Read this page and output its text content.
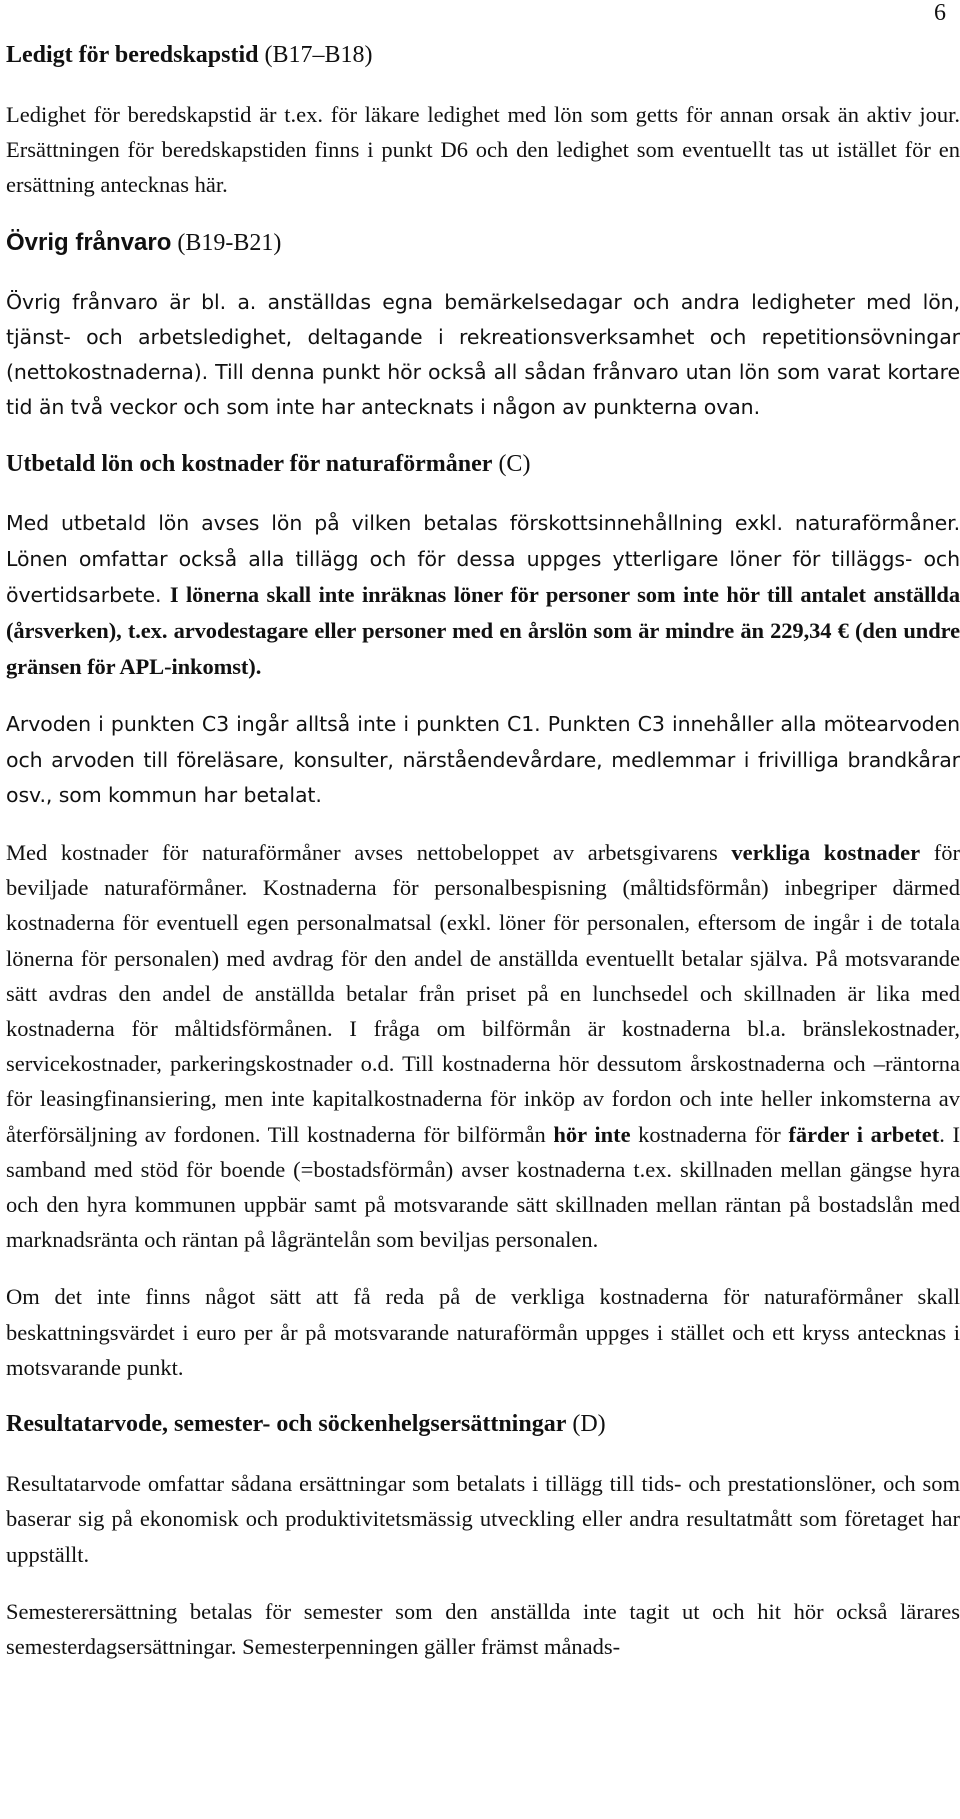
6
Ledigt för beredskapstid (B17–B18)

Ledighet för beredskapstid är t.ex. för läkare ledighet med lön som getts för annan orsak än aktiv jour. Ersättningen för beredskapstiden finns i punkt D6 och den ledighet som eventuellt tas ut istället för en ersättning antecknas här.

Övrig frånvaro (B19-B21)

Övrig frånvaro är bl. a. anställdas egna bemärkelsedagar och andra ledigheter med lön, tjänst- och arbetsledighet, deltagande i rekreationsverksamhet och repetitionsövningar (nettokostnaderna). Till denna punkt hör också all sådan frånvaro utan lön som varat kortare tid än två veckor och som inte har antecknats i någon av punkterna ovan.

Utbetald lön och kostnader för naturaförmåner (C)

Med utbetald lön avses lön på vilken betalas förskottsinnehållning exkl. naturaförmåner. Lönen omfattar också alla tillägg och för dessa uppges ytterligare löner för tilläggs- och övertidsarbete. I lönerna skall inte inräknas löner för personer som inte hör till antalet anställda (årsverken), t.ex. arvodestagare eller personer med en årslön som är mindre än 229,34 € (den undre gränsen för APL-inkomst).

Arvoden i punkten C3 ingår alltså inte i punkten C1. Punkten C3 innehåller alla mötearvoden och arvoden till föreläsare, konsulter, närståendevårdare, medlemmar i frivilliga brandkårar osv., som kommun har betalat.

Med kostnader för naturaförmåner avses nettobeloppet av arbetsgivarens verkliga kostnader för beviljade naturaförmåner. Kostnaderna för personalbespisning (måltidsförmån) inbegriper därmed kostnaderna för eventuell egen personalmatsal (exkl. löner för personalen, eftersom de ingår i de totala lönerna för personalen) med avdrag för den andel de anställda eventuellt betalar själva. På motsvarande sätt avdras den andel de anställda betalar från priset på en lunchsedel och skillnaden är lika med kostnaderna för måltidsförmånen. I fråga om bilförmån är kostnaderna bl.a. bränslekostnader, servicekostnader, parkeringskostnader o.d. Till kostnaderna hör dessutom årskostnaderna och –räntorna för leasingfinansiering, men inte kapitalkostnaderna för inköp av fordon och inte heller inkomsterna av återförsäljning av fordonen. Till kostnaderna för bilförmån hör inte kostnaderna för färder i arbetet. I samband med stöd för boende (=bostadsförmån) avser kostnaderna t.ex. skillnaden mellan gängse hyra och den hyra kommunen uppbär samt på motsvarande sätt skillnaden mellan räntan på bostadslån med marknadsränta och räntan på lågräntelån som beviljas personalen.

Om det inte finns något sätt att få reda på de verkliga kostnaderna för naturaförmåner skall beskattningsvärdet i euro per år på motsvarande naturaförmån uppges i stället och ett kryss antecknas i motsvarande punkt.

Resultatarvode, semester- och söckenhelgsersättningar (D)

Resultatarvode omfattar sådana ersättningar som betalats i tillägg till tids- och prestationslöner, och som baserar sig på ekonomisk och produktivitetsmässig utveckling eller andra resultatmått som företaget har uppställt.

Semesterersättning betalas för semester som den anställda inte tagit ut och hit hör också lärares semesterdagsersättningar. Semesterpenningen gäller främst månads-
